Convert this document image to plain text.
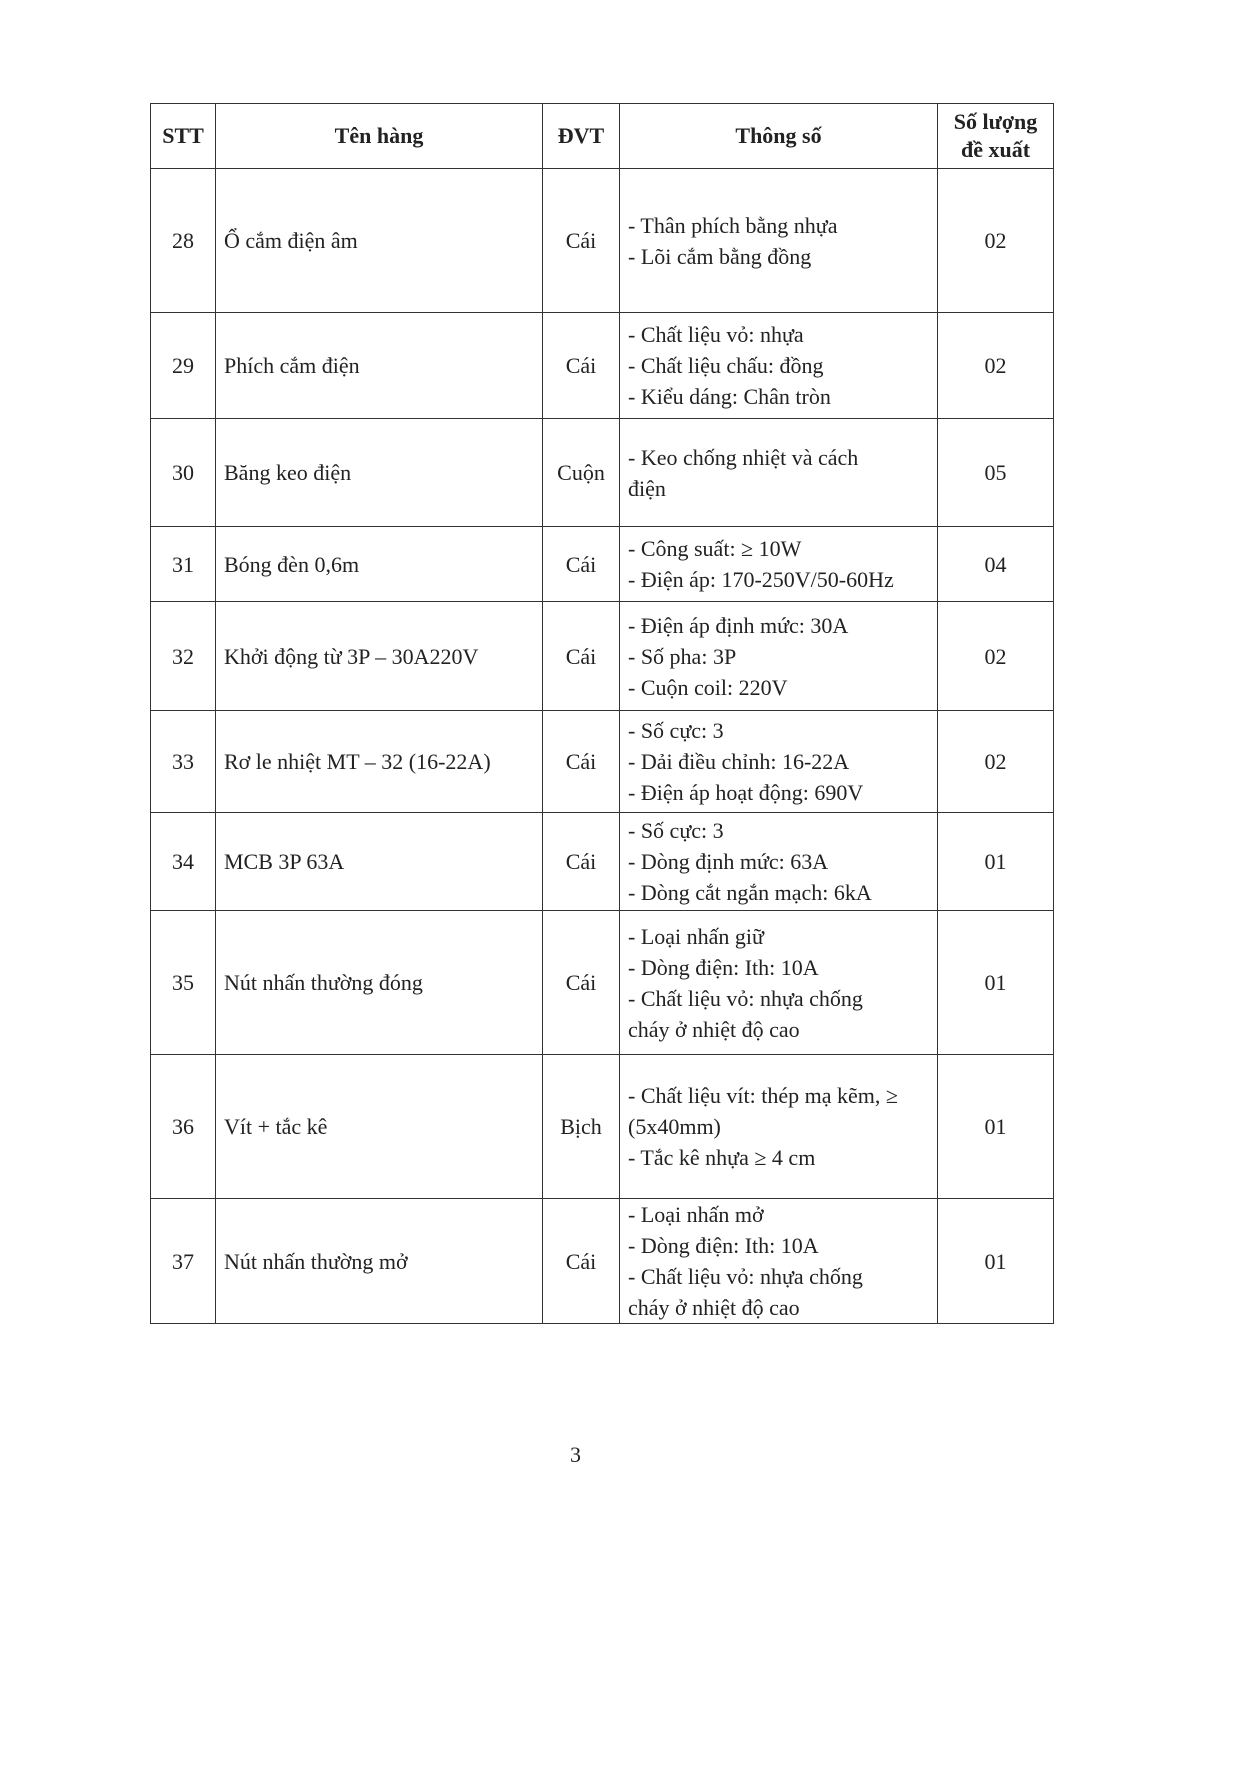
STT	Tên hàng	ĐVT	Thông số	Số lượng đề xuất
28	Ổ cắm điện âm	Cái	- Thân phích bằng nhựa
- Lõi cắm bằng đồng	02
29	Phích cắm điện	Cái	- Chất liệu vỏ: nhựa
- Chất liệu chấu: đồng
- Kiểu dáng: Chân tròn	02
30	Băng keo điện	Cuộn	- Keo chống nhiệt và cách
điện	05
31	Bóng đèn 0,6m	Cái	- Công suất: ≥ 10W
- Điện áp: 170-250V/50-60Hz	04
32	Khởi động từ 3P – 30A220V	Cái	- Điện áp định mức: 30A
- Số pha: 3P
- Cuộn coil: 220V	02
33	Rơ le nhiệt MT – 32 (16-22A)	Cái	- Số cực: 3
- Dải điều chỉnh: 16-22A
- Điện áp hoạt động: 690V	02
34	MCB 3P 63A	Cái	- Số cực: 3
- Dòng định mức: 63A
- Dòng cắt ngắn mạch: 6kA	01
35	Nút nhấn thường đóng	Cái	- Loại nhấn giữ
- Dòng điện: Ith: 10A
- Chất liệu vỏ: nhựa chống
cháy ở nhiệt độ cao	01
36	Vít + tắc kê	Bịch	- Chất liệu vít: thép mạ kẽm, ≥
(5x40mm)
- Tắc kê nhựa ≥ 4 cm	01
37	Nút nhấn thường mở	Cái	- Loại nhấn mở
- Dòng điện: Ith: 10A
- Chất liệu vỏ: nhựa chống
cháy ở nhiệt độ cao	01
3
